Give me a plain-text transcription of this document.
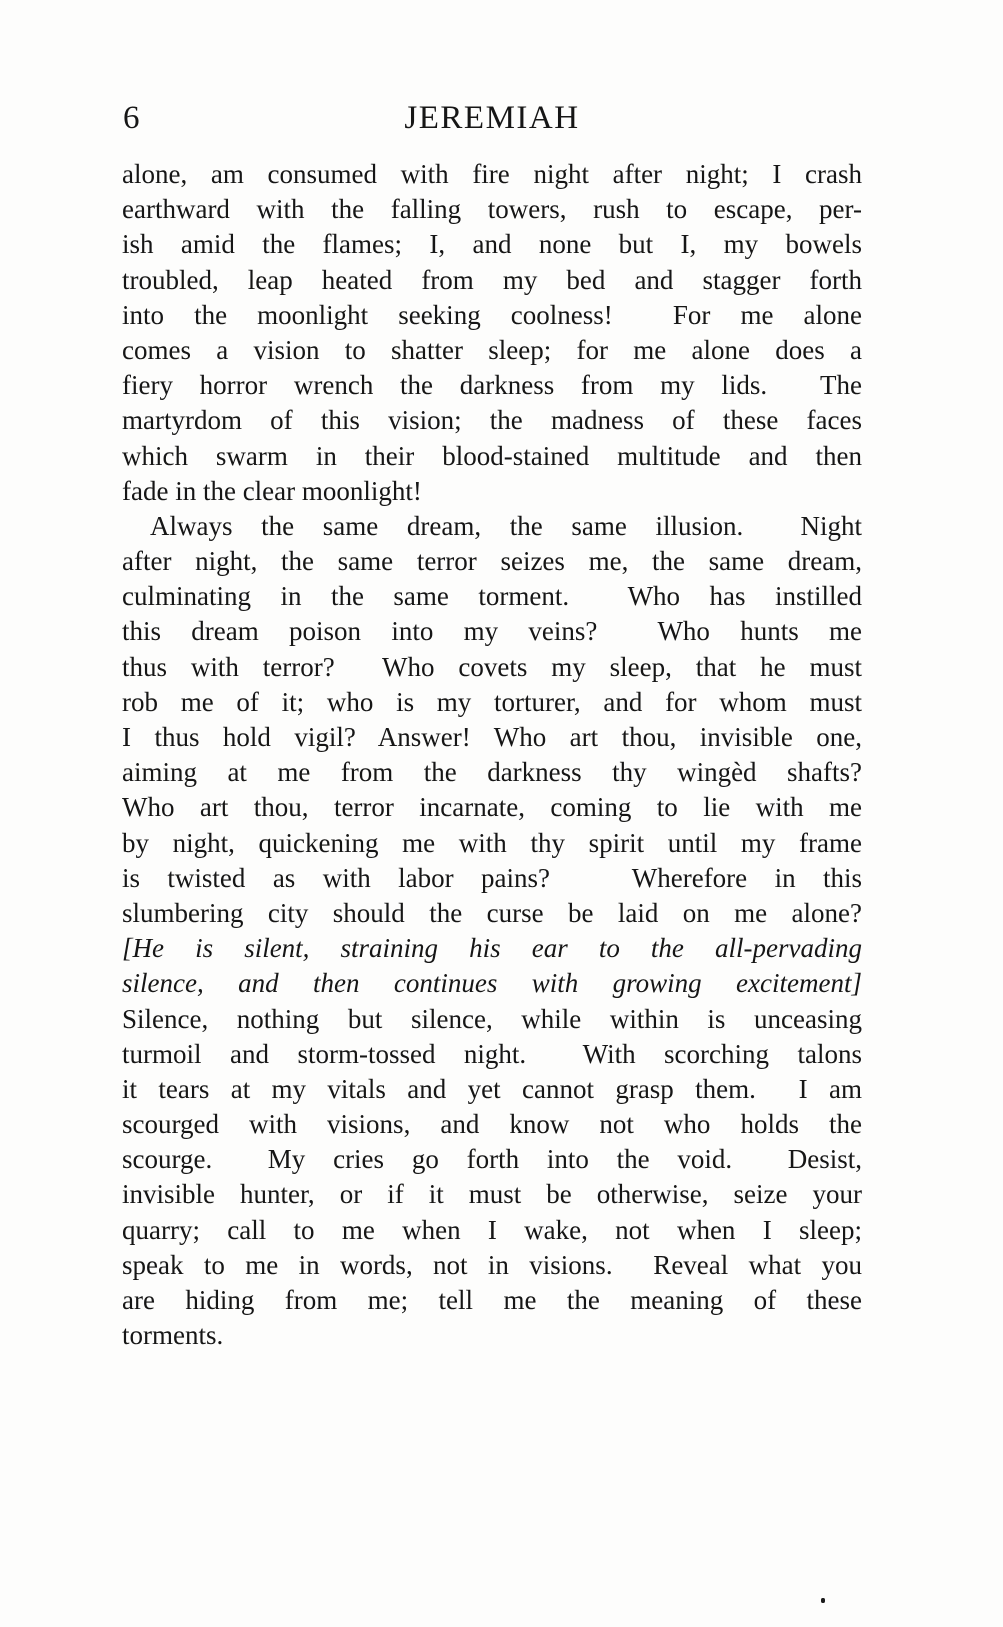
6	JEREMIAH
alone, am consumed with fire night after night; I crash
earthward with the falling towers, rush to escape, per-
ish amid the flames; I, and none but I, my bowels
troubled, leap heated from my bed and stagger forth
into the moonlight seeking coolness!  For me alone
comes a vision to shatter sleep; for me alone does a
fiery horror wrench the darkness from my lids.  The
martyrdom of this vision; the madness of these faces
which swarm in their blood-stained multitude and then
fade in the clear moonlight!
Always the same dream, the same illusion.  Night
after night, the same terror seizes me, the same dream,
culminating in the same torment.  Who has instilled
this dream poison into my veins?  Who hunts me
thus with terror?  Who covets my sleep, that he must
rob me of it; who is my torturer, and for whom must
I thus hold vigil? Answer! Who art thou, invisible one,
aiming at me from the darkness thy wingèd shafts?
Who art thou, terror incarnate, coming to lie with me
by night, quickening me with thy spirit until my frame
is twisted as with labor pains?   Wherefore in this
slumbering city should the curse be laid on me alone?
[He is silent, straining his ear to the all-pervading
silence, and then continues with growing excitement]
Silence, nothing but silence, while within is unceasing
turmoil and storm-tossed night.  With scorching talons
it tears at my vitals and yet cannot grasp them.  I am
scourged with visions, and know not who holds the
scourge.  My cries go forth into the void.  Desist,
invisible hunter, or if it must be otherwise, seize your
quarry; call to me when I wake, not when I sleep;
speak to me in words, not in visions.  Reveal what you
are hiding from me; tell me the meaning of these
torments.
